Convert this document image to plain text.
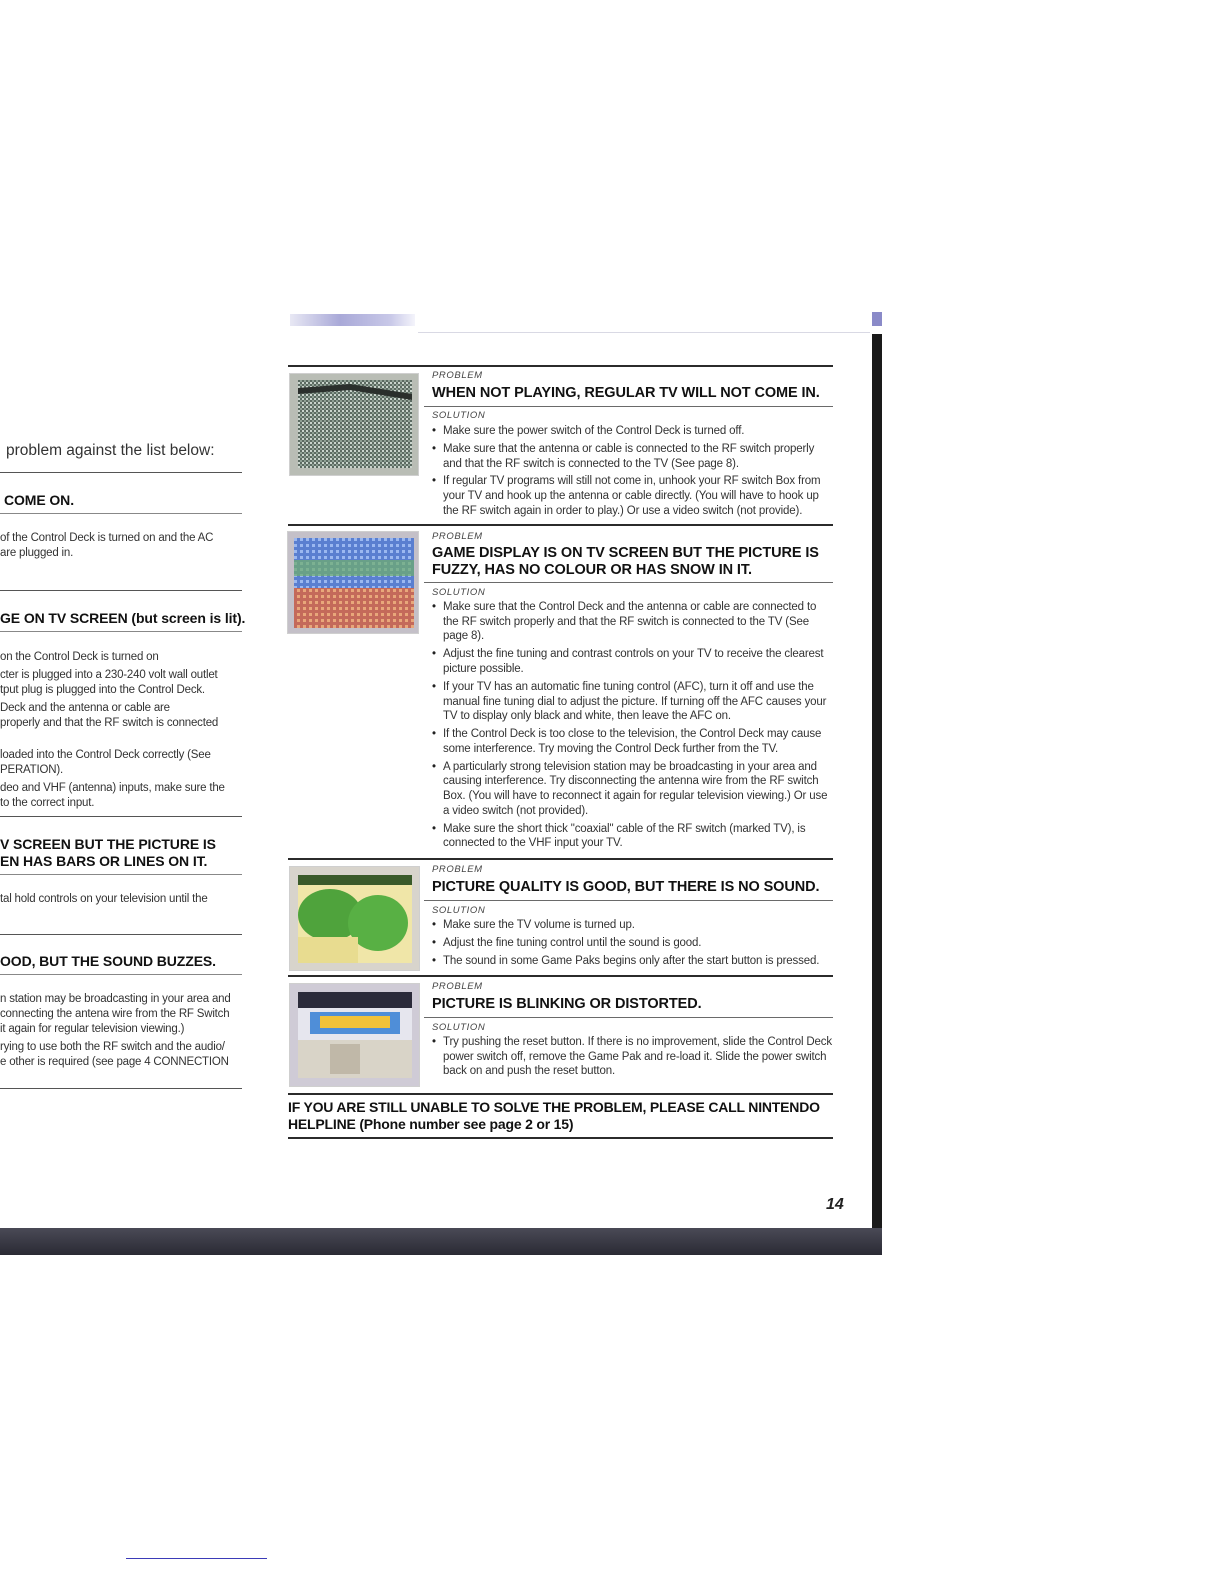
problem against the list below:
COME ON.
of the Control Deck is turned on and the AC
are plugged in.
GE ON TV SCREEN (but screen is lit).
on the Control Deck is turned on
cter is plugged into a 230-240 volt wall outlet
tput plug is plugged into the Control Deck.
Deck and the antenna or cable are
properly and that the RF switch is connected
loaded into the Control Deck correctly (See
PERATION).
deo and VHF (antenna) inputs, make sure the
to the correct input.
V SCREEN BUT THE PICTURE IS
EN HAS BARS OR LINES ON IT.
tal hold controls on your television until the
OOD, BUT THE SOUND BUZZES.
n station may be broadcasting in your area and
connecting the antena wire from the RF Switch
it again for regular television viewing.)
rying to use both the RF switch and the audio/
e other is required (see page 4 CONNECTION
PROBLEM
WHEN NOT PLAYING, REGULAR TV WILL NOT COME IN.
SOLUTION
• Make sure the power switch of the Control Deck is turned off.
• Make sure that the antenna or cable is connected to the RF switch properly and that the RF switch is connected to the TV (See page 8).
• If regular TV programs will still not come in, unhook your RF switch Box from your TV and hook up the antenna or cable directly. (You will have to hook up the RF switch again in order to play.) Or use a video switch (not provide).
PROBLEM
GAME DISPLAY IS ON TV SCREEN BUT THE PICTURE IS FUZZY, HAS NO COLOUR OR HAS SNOW IN IT.
SOLUTION
• Make sure that the Control Deck and the antenna or cable are connected to the RF switch properly and that the RF switch is connected to the TV (See page 8).
• Adjust the fine tuning and contrast controls on your TV to receive the clearest picture possible.
• If your TV has an automatic fine tuning control (AFC), turn it off and use the manual fine tuning dial to adjust the picture. If turning off the AFC causes your TV to display only black and white, then leave the AFC on.
• If the Control Deck is too close to the television, the Control Deck may cause some interference. Try moving the Control Deck further from the TV.
• A particularly strong television station may be broadcasting in your area and causing interference. Try disconnecting the antenna wire from the RF switch Box. (You will have to reconnect it again for regular television viewing.) Or use a video switch (not provided).
• Make sure the short thick "coaxial" cable of the RF switch (marked TV), is connected to the VHF input your TV.
PROBLEM
PICTURE QUALITY IS GOOD, BUT THERE IS NO SOUND.
SOLUTION
• Make sure the TV volume is turned up.
• Adjust the fine tuning control until the sound is good.
• The sound in some Game Paks begins only after the start button is pressed.
PROBLEM
PICTURE IS BLINKING OR DISTORTED.
SOLUTION
• Try pushing the reset button. If there is no improvement, slide the Control Deck power switch off, remove the Game Pak and re-load it. Slide the power switch back on and push the reset button.
IF YOU ARE STILL UNABLE TO SOLVE THE PROBLEM, PLEASE CALL NINTENDO HELPLINE (Phone number see page 2 or 15)
14
